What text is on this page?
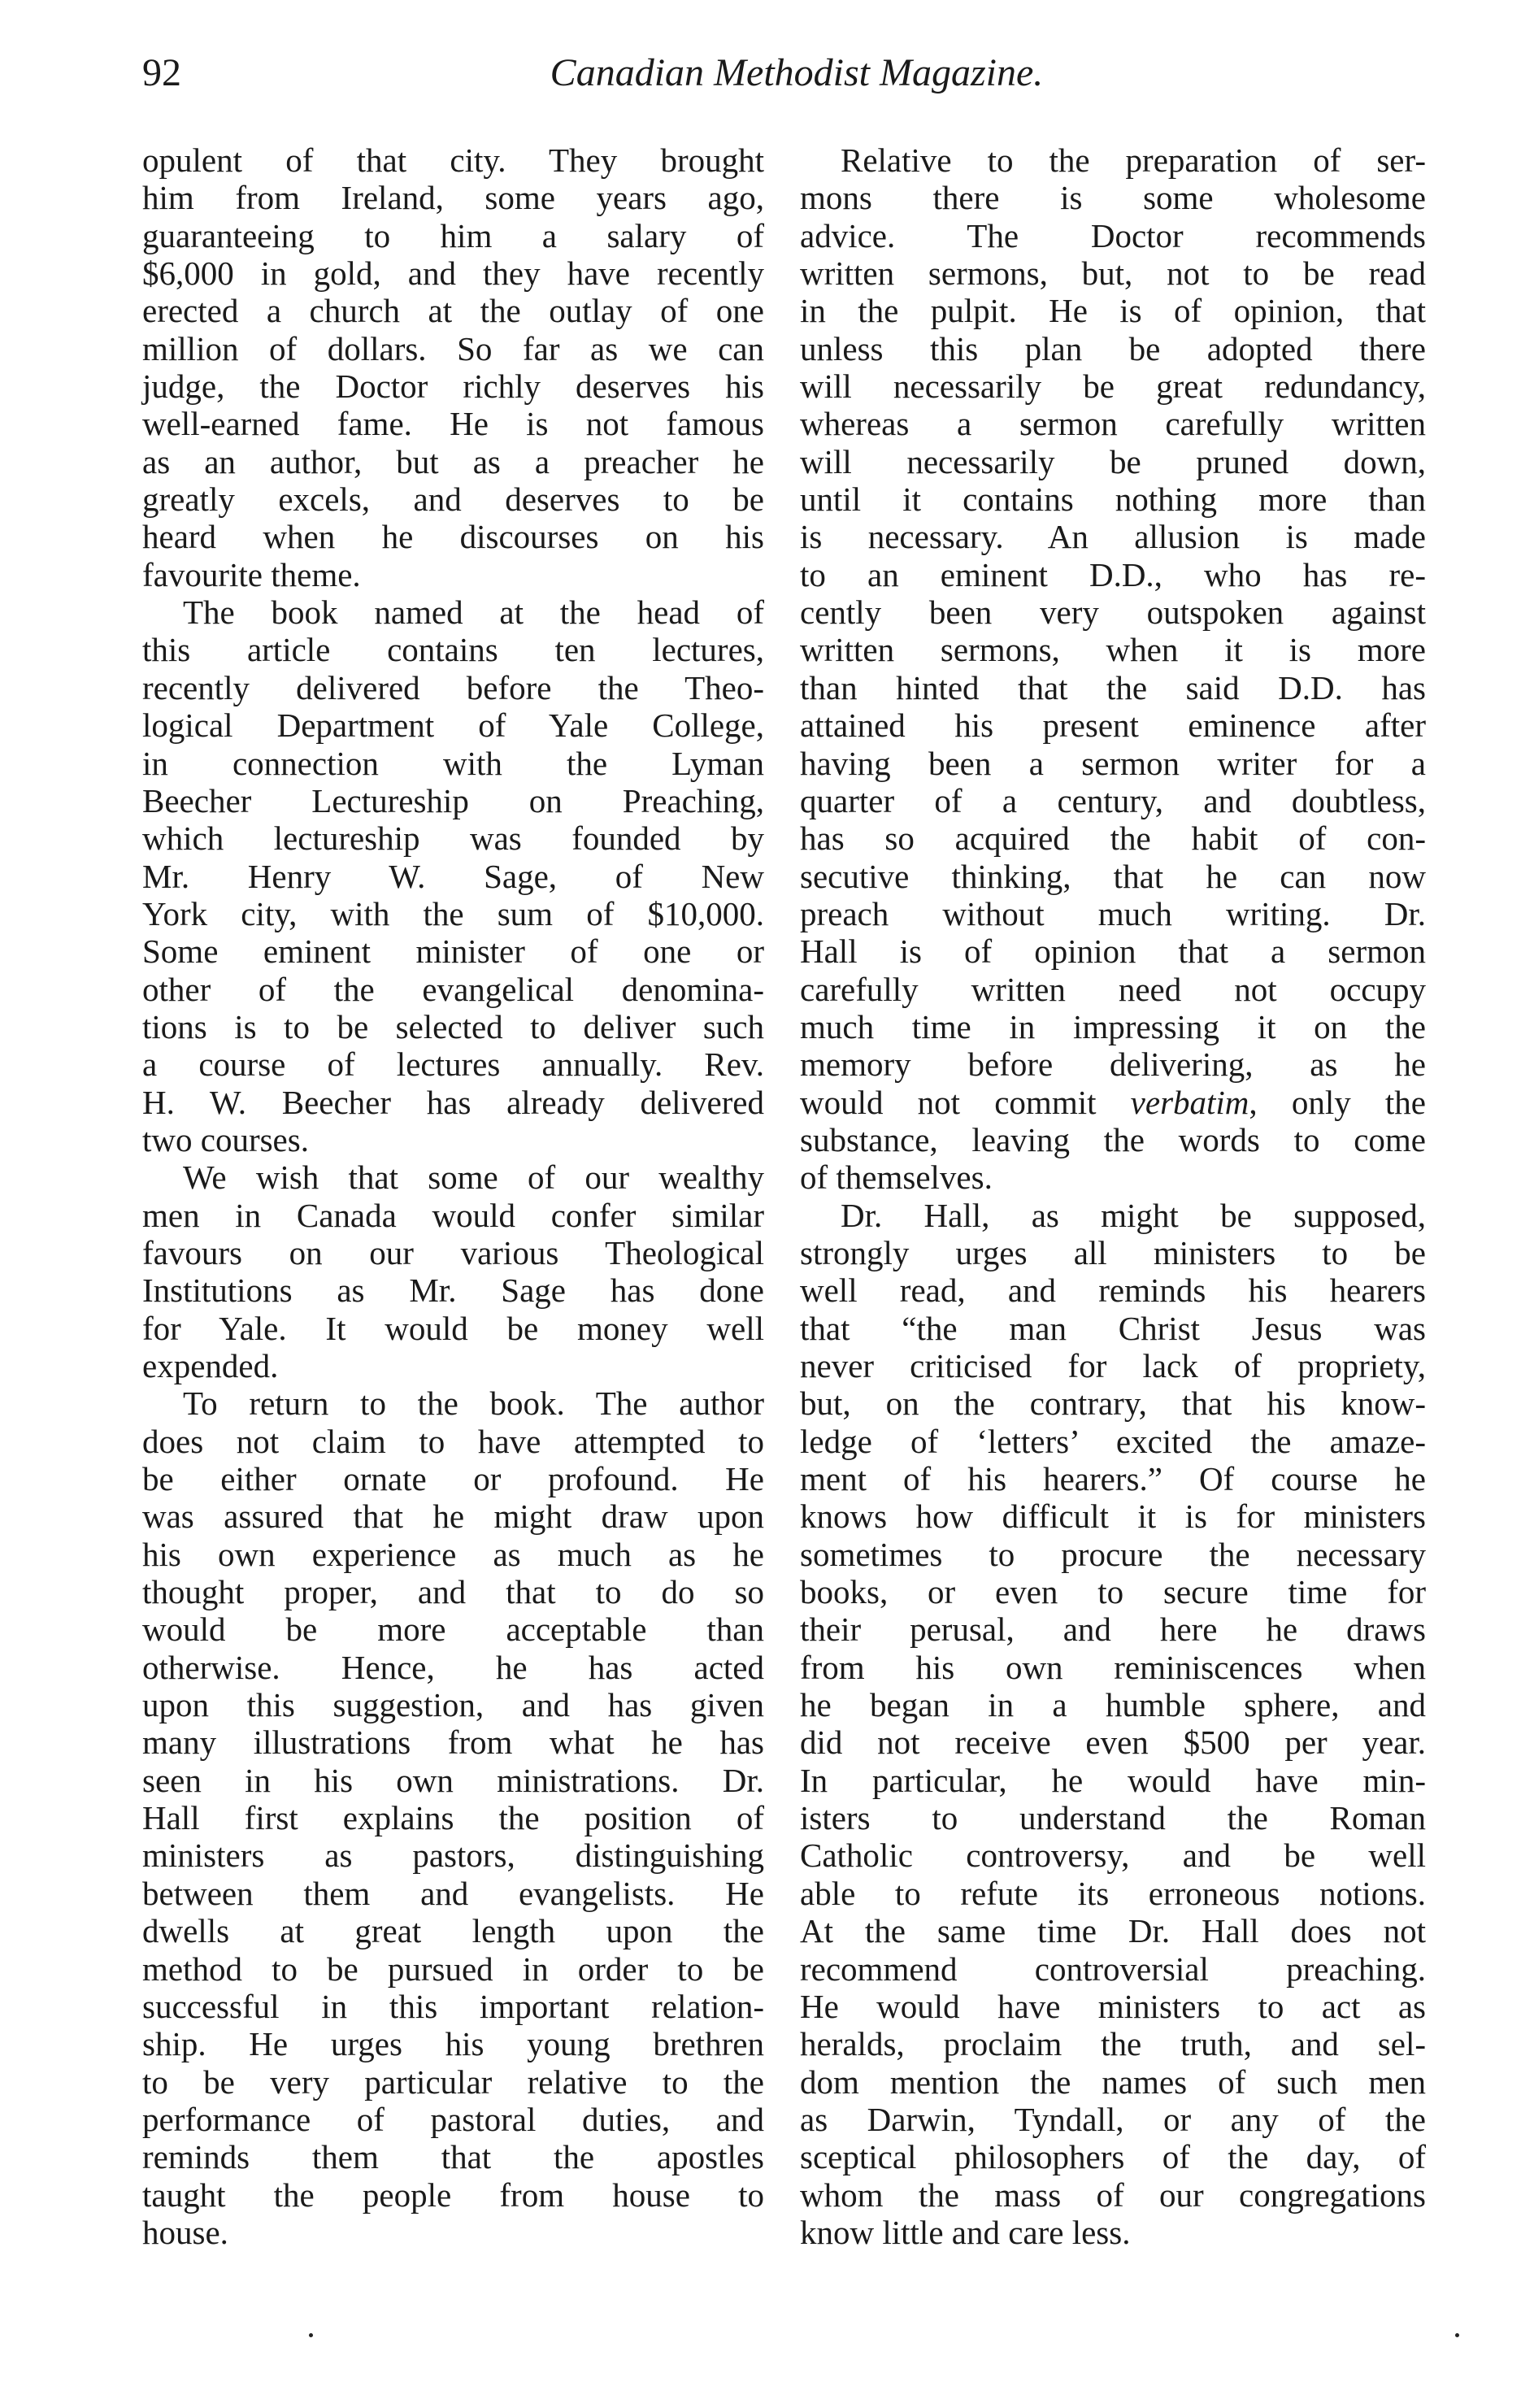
92	Canadian Methodist Magazine.
opulent of that city. They brought
him from Ireland, some years ago,
guaranteeing to him a salary of
$6,000 in gold, and they have recently
erected a church at the outlay of one
million of dollars. So far as we can
judge, the Doctor richly deserves his
well-earned fame. He is not famous
as an author, but as a preacher he
greatly excels, and deserves to be
heard when he discourses on his
favourite theme.
The book named at the head of
this article contains ten lectures,
recently delivered before the Theo-
logical Department of Yale College,
in connection with the Lyman
Beecher Lectureship on Preaching,
which lectureship was founded by
Mr. Henry W. Sage, of New
York city, with the sum of $10,000.
Some eminent minister of one or
other of the evangelical denomina-
tions is to be selected to deliver such
a course of lectures annually. Rev.
H. W. Beecher has already delivered
two courses.
We wish that some of our wealthy
men in Canada would confer similar
favours on our various Theological
Institutions as Mr. Sage has done
for Yale. It would be money well
expended.
To return to the book. The author
does not claim to have attempted to
be either ornate or profound. He
was assured that he might draw upon
his own experience as much as he
thought proper, and that to do so
would be more acceptable than
otherwise. Hence, he has acted
upon this suggestion, and has given
many illustrations from what he has
seen in his own ministrations. Dr.
Hall first explains the position of
ministers as pastors, distinguishing
between them and evangelists. He
dwells at great length upon the
method to be pursued in order to be
successful in this important relation-
ship. He urges his young brethren
to be very particular relative to the
performance of pastoral duties, and
reminds them that the apostles
taught the people from house to
house.
Relative to the preparation of ser-
mons there is some wholesome
advice. The Doctor recommends
written sermons, but, not to be read
in the pulpit. He is of opinion, that
unless this plan be adopted there
will necessarily be great redundancy,
whereas a sermon carefully written
will necessarily be pruned down,
until it contains nothing more than
is necessary. An allusion is made
to an eminent D.D., who has re-
cently been very outspoken against
written sermons, when it is more
than hinted that the said D.D. has
attained his present eminence after
having been a sermon writer for a
quarter of a century, and doubtless,
has so acquired the habit of con-
secutive thinking, that he can now
preach without much writing. Dr.
Hall is of opinion that a sermon
carefully written need not occupy
much time in impressing it on the
memory before delivering, as he
would not commit verbatim, only the
substance, leaving the words to come
of themselves.
Dr. Hall, as might be supposed,
strongly urges all ministers to be
well read, and reminds his hearers
that “the man Christ Jesus was
never criticised for lack of propriety,
but, on the contrary, that his know-
ledge of ‘letters’ excited the amaze-
ment of his hearers.” Of course he
knows how difficult it is for ministers
sometimes to procure the necessary
books, or even to secure time for
their perusal, and here he draws
from his own reminiscences when
he began in a humble sphere, and
did not receive even $500 per year.
In particular, he would have min-
isters to understand the Roman
Catholic controversy, and be well
able to refute its erroneous notions.
At the same time Dr. Hall does not
recommend controversial preaching.
He would have ministers to act as
heralds, proclaim the truth, and sel-
dom mention the names of such men
as Darwin, Tyndall, or any of the
sceptical philosophers of the day, of
whom the mass of our congregations
know little and care less.
